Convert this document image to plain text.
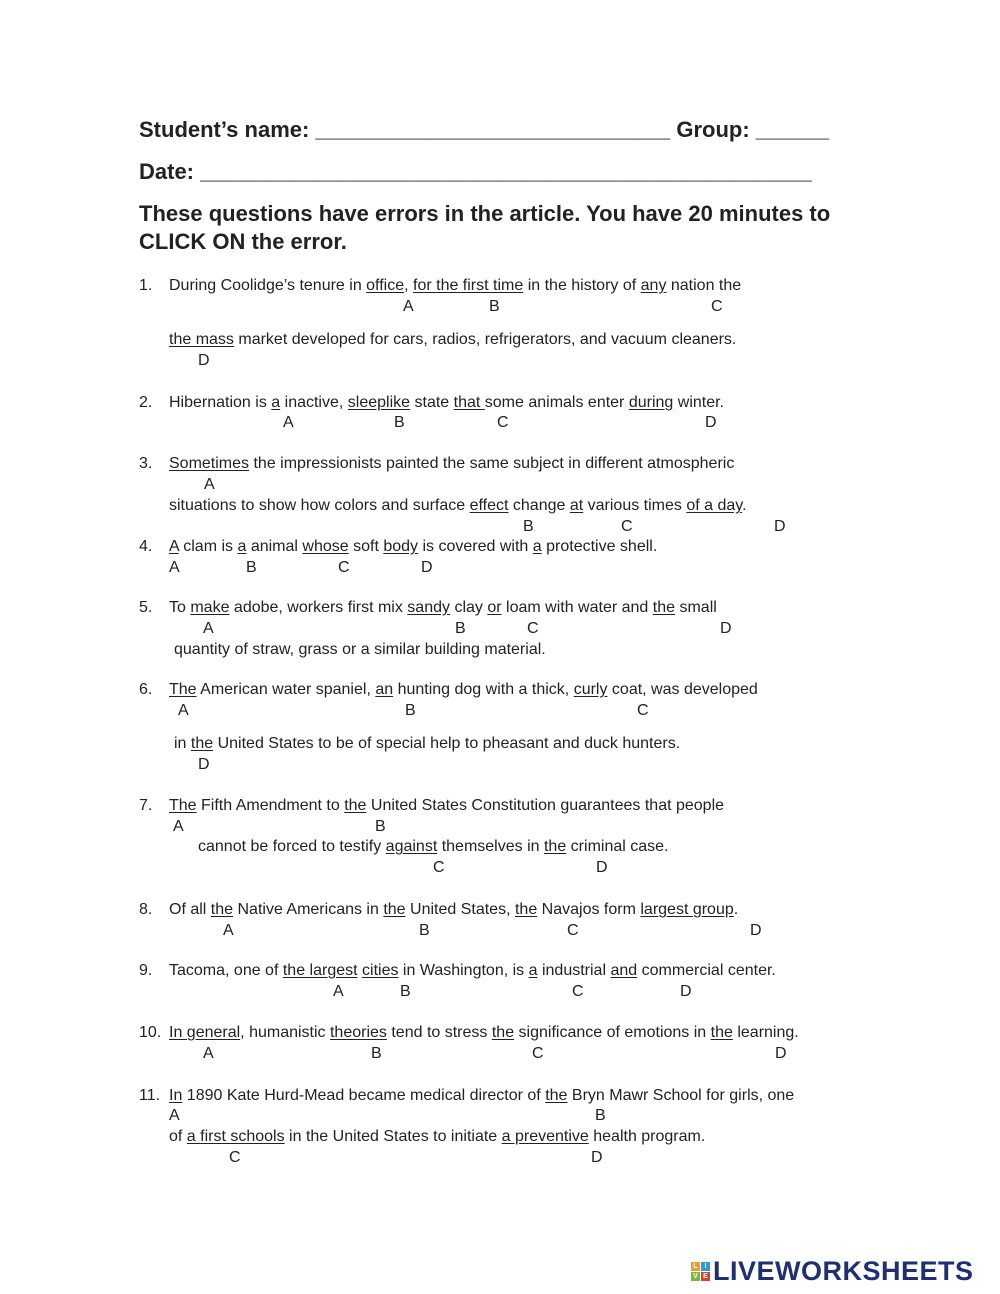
Student’s name: _____________________________ Group: ______

Date: __________________________________________________

These questions have errors in the article. You have 20 minutes to

CLICK ON the error.

1. During Coolidge’s tenure in office, for the first time in the history of any nation the
A	B	C
the mass market developed for cars, radios, refrigerators, and vacuum cleaners.
D
2. Hibernation is a inactive, sleeplike state that some animals enter during winter.
A	B	C	D
3. Sometimes the impressionists painted the same subject in different atmospheric
A
situations to show how colors and surface effect change at various times of a day.
B	C	D
4. A clam is a animal whose soft body is covered with a protective shell.
A	B	C	D
5. To make adobe, workers first mix sandy clay or loam with water and the small
A	B	C	D
quantity of straw, grass or a similar building material.
6. The American water spaniel, an hunting dog with a thick, curly coat, was developed
A	B	C
in the United States to be of special help to pheasant and duck hunters.
D
7. The Fifth Amendment to the United States Constitution guarantees that people
A	B
cannot be forced to testify against themselves in the criminal case.
C	D
8. Of all the Native Americans in the United States, the Navajos form largest group.
A	B	C	D
9. Tacoma, one of the largest cities in Washington, is a industrial and commercial center.
A	B	C	D
10. In general, humanistic theories tend to stress the significance of emotions in the learning.
A	B	C	D
11. In 1890 Kate Hurd-Mead became medical director of the Bryn Mawr School for girls, one
A	B
of a first schools in the United States to initiate a preventive health program.
C	D
L I
V E LIVEWORKSHEETS
